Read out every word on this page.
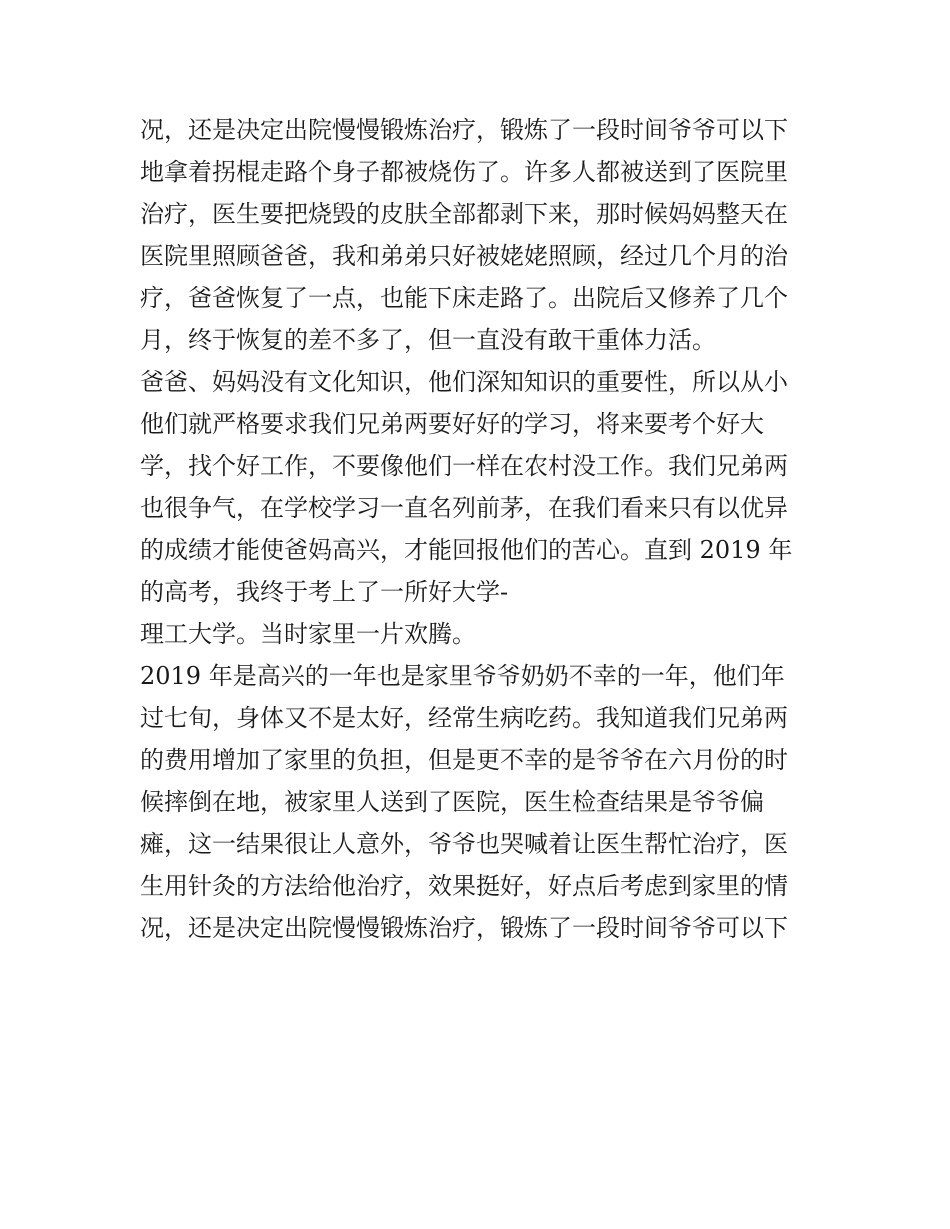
况，还是决定出院慢慢锻炼治疗，锻炼了一段时间爷爷可以下
地拿着拐棍走路个身子都被烧伤了。许多人都被送到了医院里
治疗，医生要把烧毁的皮肤全部都剥下来，那时候妈妈整天在
医院里照顾爸爸，我和弟弟只好被姥姥照顾，经过几个月的治
疗，爸爸恢复了一点，也能下床走路了。出院后又修养了几个
月，终于恢复的差不多了，但一直没有敢干重体力活。
爸爸、妈妈没有文化知识，他们深知知识的重要性，所以从小
他们就严格要求我们兄弟两要好好的学习，将来要考个好大
学，找个好工作，不要像他们一样在农村没工作。我们兄弟两
也很争气，在学校学习一直名列前茅，在我们看来只有以优异
的成绩才能使爸妈高兴，才能回报他们的苦心。直到 2019 年
的高考，我终于考上了一所好大学-
理工大学。当时家里一片欢腾。
2019 年是高兴的一年也是家里爷爷奶奶不幸的一年，他们年
过七旬，身体又不是太好，经常生病吃药。我知道我们兄弟两
的费用增加了家里的负担，但是更不幸的是爷爷在六月份的时
候摔倒在地，被家里人送到了医院，医生检查结果是爷爷偏
瘫，这一结果很让人意外，爷爷也哭喊着让医生帮忙治疗，医
生用针灸的方法给他治疗，效果挺好，好点后考虑到家里的情
况，还是决定出院慢慢锻炼治疗，锻炼了一段时间爷爷可以下
